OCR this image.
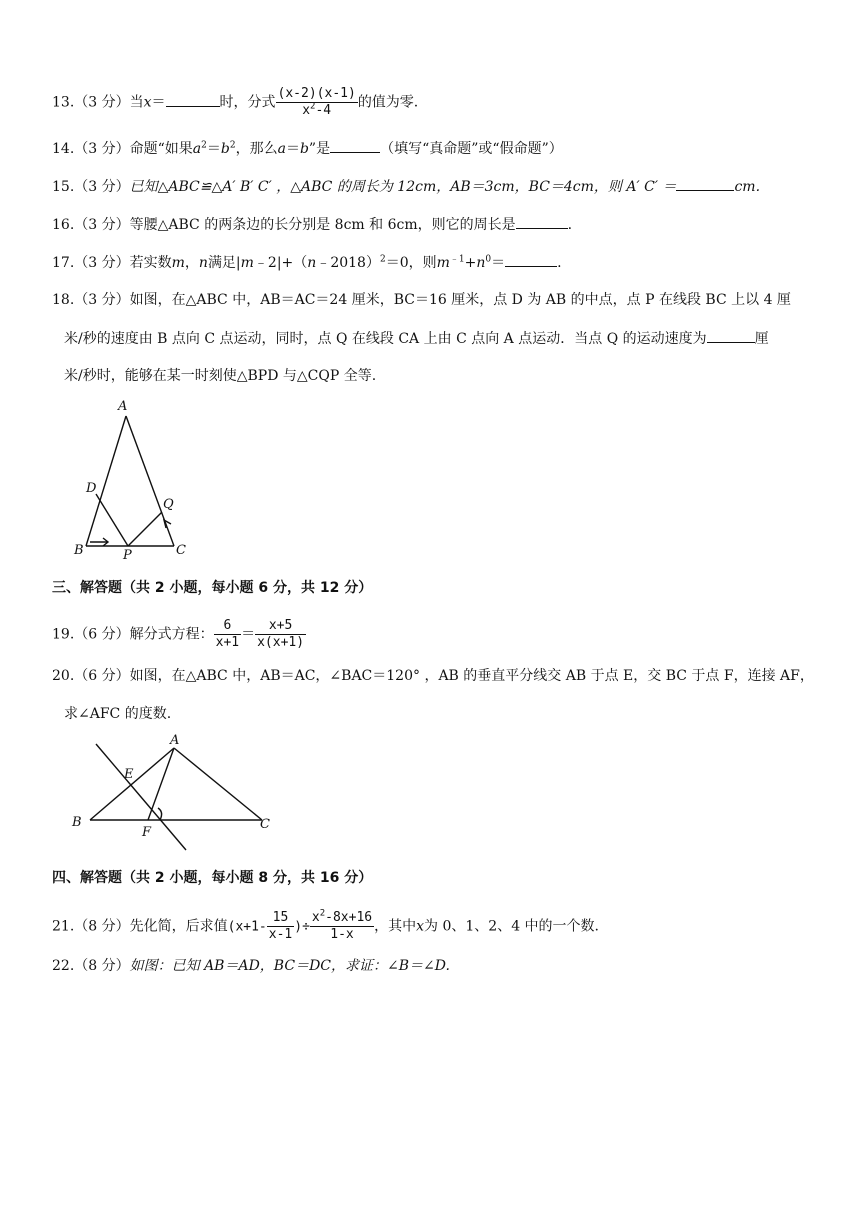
13.（3 分）当x＝	时，分式 $\frac{(x-2)(x-1)}{x^2-4}$ 的值为零.
14.（3 分）命题“如果$a^2=b^2$，那么a＝b”是	（填写“真命题”或“假命题”）
15.（3 分）已知△ABC≌△A′ B′ C′ ，△ABC 的周长为 12cm，AB＝3cm，BC＝4cm，则 A′ C′ ＝	cm.
16.（3 分）等腰△ABC 的两条边的长分别是 8cm 和 6cm，则它的周长是	.
17.（3 分）若实数m，n满足|m﹣2|+（n﹣2018）$^2$＝0，则$m^{﹣1}+n^0=$	.
18.（3 分）如图，在△ABC 中，AB＝AC＝24 厘米，BC＝16 厘米，点 D 为 AB 的中点，点 P 在线段 BC 上以 4 厘
米/秒的速度由 B 点向 C 点运动，同时，点 Q 在线段 CA 上由 C 点向 A 点运动．当点 Q 的运动速度为	厘
米/秒时，能够在某一时刻使△BPD 与△CQP 全等.
A
D
Q
B	P	C
三、解答题（共 2 小题，每小题 6 分，共 12 分）
19.（6 分）解分式方程： $\frac{6}{x+1} = \frac{x+5}{x(x+1)}$
20.（6 分）如图，在△ABC 中，AB＝AC，∠BAC＝120° ，AB 的垂直平分线交 AB 于点 E，交 BC 于点 F，连接 AF，
求∠AFC 的度数.
A
E
B
F
C
四、解答题（共 2 小题，每小题 8 分，共 16 分）
21.（8 分）先化简，后求值($x+1- \frac{15}{x-1}$ )÷ $\frac{x^2-8x+16}{1-x}$ ，其中x为 0、1、2、4 中的一个数.
22.（8 分）如图：已知 AB＝AD，BC＝DC，求证：∠B＝∠D.
